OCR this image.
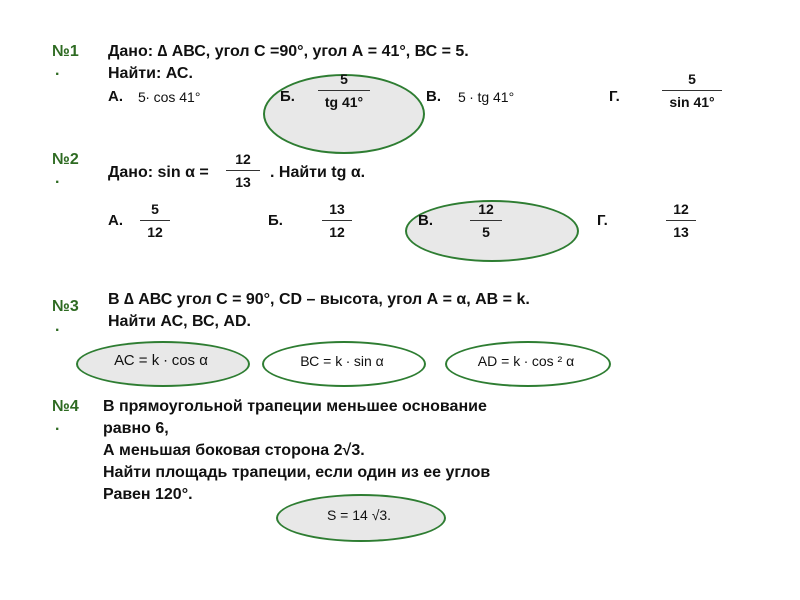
№1
.
Дано: ∆ АВС, угол С =90°, угол А = 41°, ВС = 5.
Найти: АС.
А. 5∙ cos 41°	Б.
5
tg 41°	В. 5 ∙ tg 41°	Г.
5
sin 41°
№2
.	Дано: sin α =
12
13
. Найти tg α.
А.
5
12
Б.
13
12
В.
12
5
Г.
12
13
№3
.
В ∆ АВС угол С = 90°, CD – высота, угол А = α, АВ = k.
Найти АС, ВС, AD.
АС = k ∙ cos α	ВС = k ∙ sin α	АD = k ∙ cos ² α
№4
.
В прямоугольной трапеции меньшее основание
равно 6,
А меньшая боковая сторона 2√3.
Найти площадь трапеции, если один из ее углов
Равен 120°.
S = 14 √3.
